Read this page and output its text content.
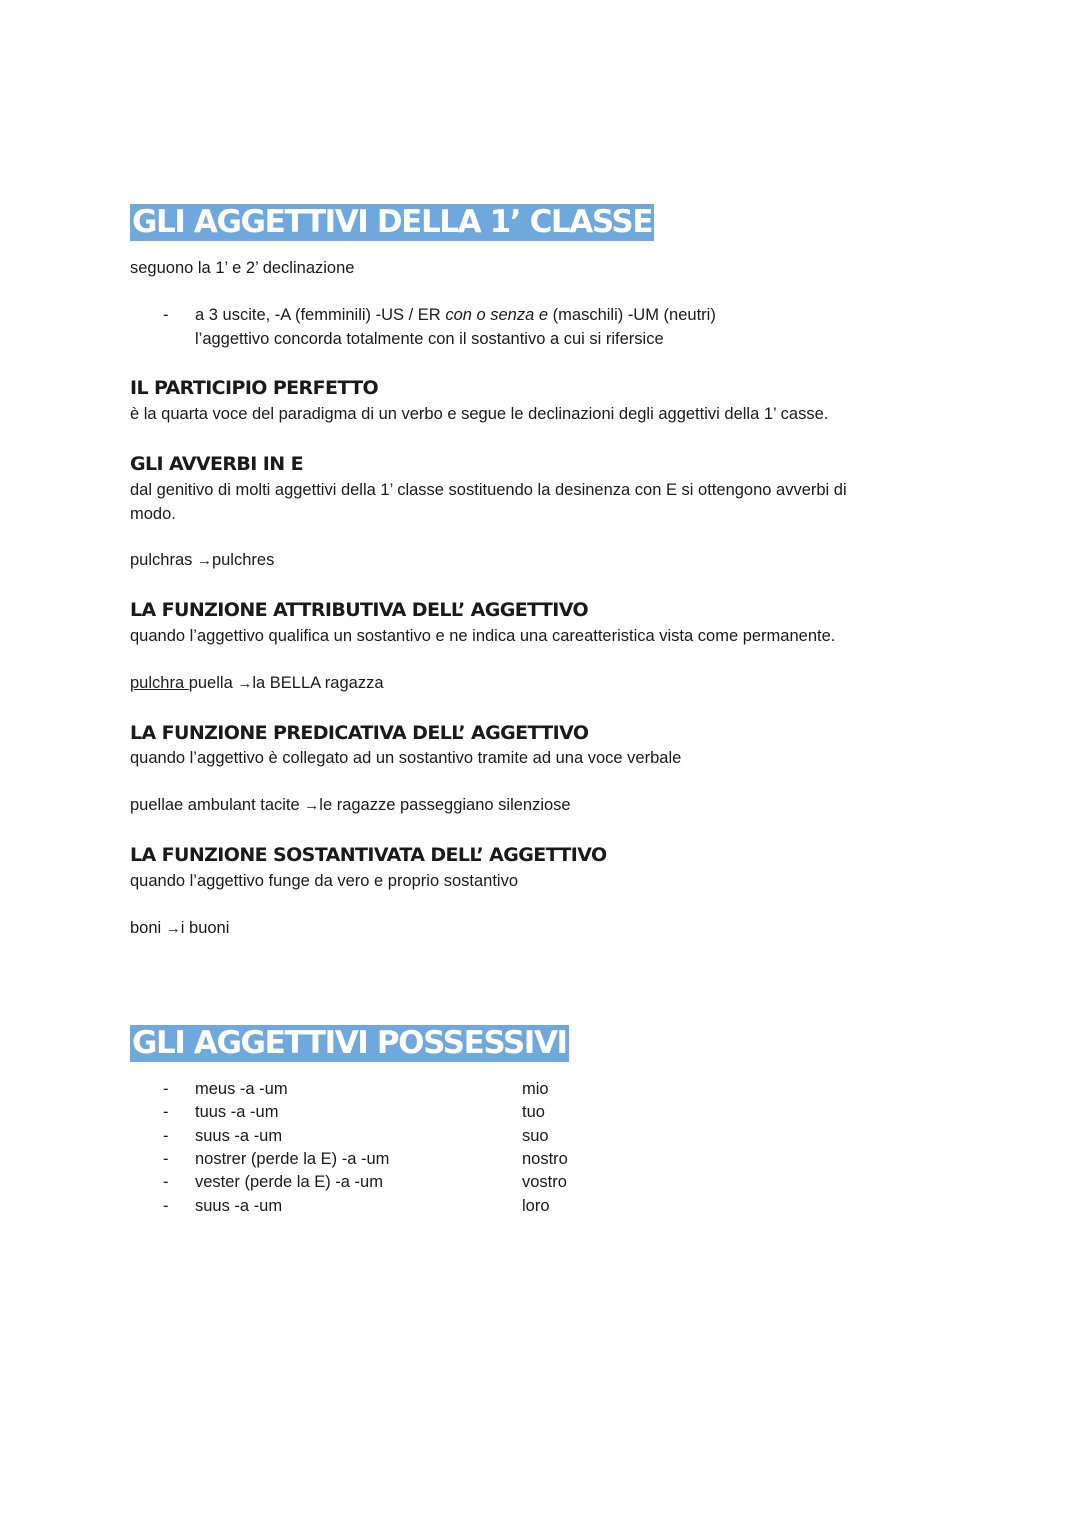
GLI AGGETTIVI DELLA 1’ CLASSE
seguono la 1’ e 2’ declinazione
- a 3 uscite, -A (femminili) -US / ER con o senza e (maschili) -UM (neutri)
l’aggettivo concorda totalmente con il sostantivo a cui si rifersice
IL PARTICIPIO PERFETTO
è la quarta voce del paradigma di un verbo e segue le declinazioni degli aggettivi della 1’ casse.
GLI AVVERBI IN E
dal genitivo di molti aggettivi della 1’ classe sostituendo la desinenza con E si ottengono avverbi di
modo.
pulchras →pulchres
LA FUNZIONE ATTRIBUTIVA DELL’ AGGETTIVO
quando l’aggettivo qualifica un sostantivo e ne indica una careatteristica vista come permanente.
pulchra puella →la BELLA ragazza
LA FUNZIONE PREDICATIVA DELL’ AGGETTIVO
quando l’aggettivo è collegato ad un sostantivo tramite ad una voce verbale
puellae ambulant tacite →le ragazze passeggiano silenziose
LA FUNZIONE SOSTANTIVATA DELL’ AGGETTIVO
quando l’aggettivo funge da vero e proprio sostantivo
boni →i buoni
GLI AGGETTIVI POSSESSIVI
- meus -a -um	mio
- tuus -a -um	tuo
- suus -a -um	suo
- nostrer (perde la E) -a -um	nostro
- vester (perde la E) -a -um	vostro
- suus -a -um	loro
